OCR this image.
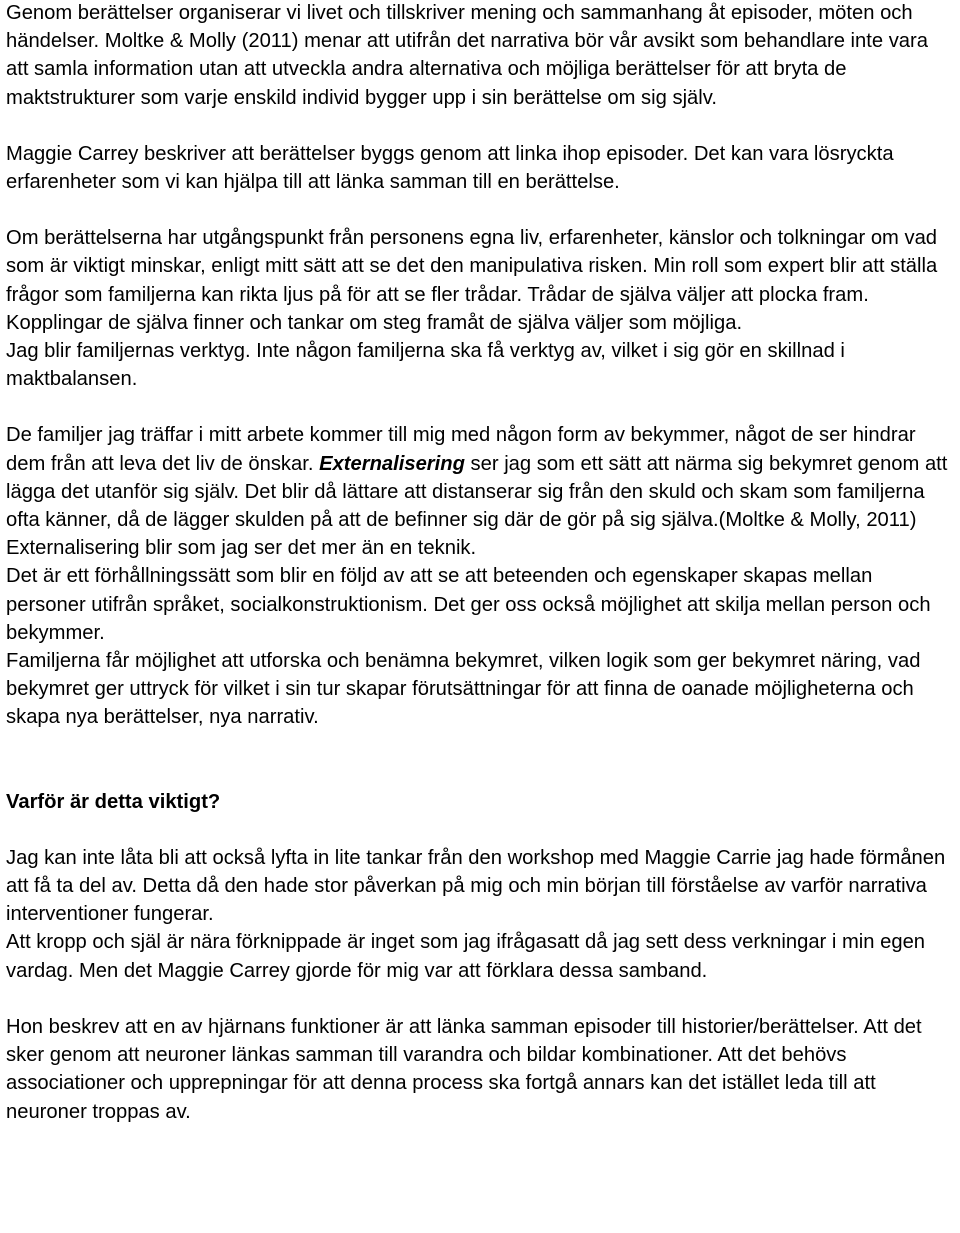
Genom berättelser organiserar vi livet och tillskriver mening och sammanhang åt episoder, möten och händelser. Moltke & Molly (2011) menar att utifrån det narrativa bör vår avsikt som behandlare inte vara att samla information utan att utveckla andra alternativa och möjliga berättelser för att bryta de maktstrukturer som varje enskild individ bygger upp i sin berättelse om sig själv.

Maggie Carrey beskriver att berättelser byggs genom att linka ihop episoder. Det kan vara lösryckta erfarenheter som vi kan hjälpa till att länka samman till en berättelse.

Om berättelserna har utgångspunkt från personens egna liv, erfarenheter, känslor och tolkningar om vad som är viktigt minskar, enligt mitt sätt att se det den manipulativa risken. Min roll som expert blir att ställa frågor som familjerna kan rikta ljus på för att se fler trådar. Trådar de själva väljer att plocka fram. Kopplingar de själva finner och tankar om steg framåt de själva väljer som möjliga.

Jag blir familjernas verktyg. Inte någon familjerna ska få verktyg av, vilket i sig gör en skillnad i maktbalansen.

De familjer jag träffar i mitt arbete kommer till mig med någon form av bekymmer, något de ser hindrar dem från att leva det liv de önskar. Externalisering ser jag som ett sätt att närma sig bekymret genom att lägga det utanför sig själv. Det blir då lättare att distanserar sig från den skuld och skam som familjerna ofta känner, då de lägger skulden på att de befinner sig där de gör på sig själva.(Moltke & Molly, 2011)

Externalisering blir som jag ser det mer än en teknik.

Det är ett förhållningssätt som blir en följd av att se att beteenden och egenskaper skapas mellan personer utifrån språket, socialkonstruktionism. Det ger oss också möjlighet att skilja mellan person och bekymmer.

Familjerna får möjlighet att utforska och benämna bekymret, vilken logik som ger bekymret näring, vad bekymret ger uttryck för vilket i sin tur skapar förutsättningar för att finna de oanade möjligheterna och skapa nya berättelser, nya narrativ.

Varför är detta viktigt?

Jag kan inte låta bli att också lyfta in lite tankar från den workshop med Maggie Carrie jag hade förmånen att få ta del av. Detta då den hade stor påverkan på mig och min början till förståelse av varför narrativa interventioner fungerar.

Att kropp och själ är nära förknippade är inget som jag ifrågasatt då jag sett dess verkningar i min egen vardag. Men det Maggie Carrey gjorde för mig var att förklara dessa samband.

Hon beskrev att en av hjärnans funktioner är att länka samman episoder till historier/berättelser. Att det sker genom att neuroner länkas samman till varandra och bildar kombinationer. Att det behövs associationer och upprepningar för att denna process ska fortgå annars kan det istället leda till att neuroner troppas av.
